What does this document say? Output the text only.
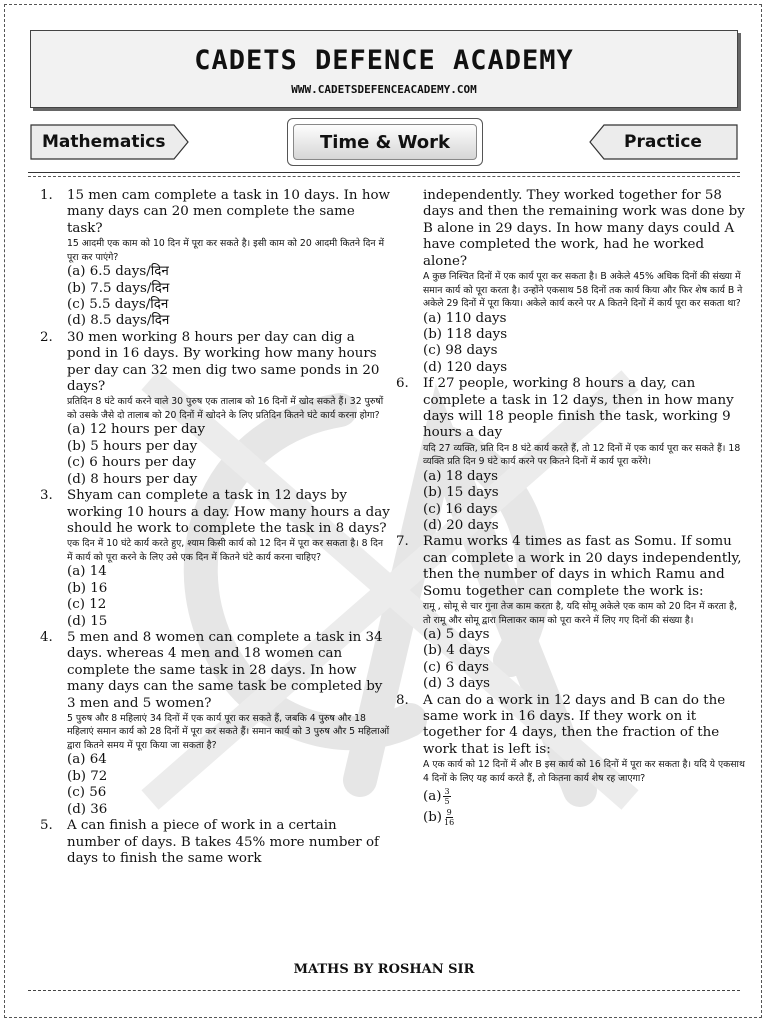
CADETS DEFENCE ACADEMY
WWW.CADETSDEFENCEACADEMY.COM
Mathematics	Time & Work	Practice
1. 15 men cam complete a task in 10 days. In how many days can 20 men complete the same task?
15 आदमी एक काम को 10 दिन में पूरा कर सकते है। इसी काम को 20 आदमी कितने दिन में पूरा कर पाएंगे?
(a) 6.5 days/दिन
(b) 7.5 days/दिन
(c) 5.5 days/दिन
(d) 8.5 days/दिन
2. 30 men working 8 hours per day can dig a pond in 16 days. By working how many hours per day can 32 men dig two same ponds in 20 days?
प्रतिदिन 8 घंटे कार्य करने वाले 30 पुरुष एक तालाब को 16 दिनों में खोद सकते हैं। 32 पुरुषों को उसके जैसे दो तालाब को 20 दिनों में खोदने के लिए प्रतिदिन कितने घंटे कार्य करना होगा?
(a) 12 hours per day
(b) 5 hours per day
(c) 6 hours per day
(d) 8 hours per day
3. Shyam can complete a task in 12 days by working 10 hours a day. How many hours a day should he work to complete the task in 8 days?
एक दिन में 10 घंटे कार्य करते हुए, श्याम किसी कार्य को 12 दिन में पूरा कर सकता है। 8 दिन में कार्य को पूरा करने के लिए उसे एक दिन में कितने घंटे कार्य करना चाहिए?
(a) 14
(b) 16
(c) 12
(d) 15
4. 5 men and 8 women can complete a task in 34 days. whereas 4 men and 18 women can complete the same task in 28 days. In how many days can the same task be completed by 3 men and 5 women?
5 पुरुष और 8 महिलाएं 34 दिनों में एक कार्य पूरा कर सकते हैं, जबकि 4 पुरुष और 18 महिलाएं समान कार्य को 28 दिनों में पूरा कर सकते हैं। समान कार्य को 3 पुरुष और 5 महिलाओं द्वारा कितने समय में पूरा किया जा सकता है?
(a) 64
(b) 72
(c) 56
(d) 36
5. A can finish a piece of work in a certain number of days. B takes 45% more number of days to finish the same work
independently. They worked together for 58 days and then the remaining work was done by B alone in 29 days. In how many days could A have completed the work, had he worked alone?
A कुछ निश्चित दिनों में एक कार्य पूरा कर सकता है। B अकेले 45% अधिक दिनों की संख्या में समान कार्य को पूरा करता है। उन्होंने एकसाथ 58 दिनों तक कार्य किया और फिर शेष कार्य B ने अकेले 29 दिनों में पूरा किया। अकेले कार्य करने पर A कितने दिनों में कार्य पूरा कर सकता था?
(a) 110 days
(b) 118 days
(c) 98 days
(d) 120 days
6. If 27 people, working 8 hours a day, can complete a task in 12 days, then in how many days will 18 people finish the task, working 9 hours a day
यदि 27 व्यक्ति, प्रति दिन 8 घंटे कार्य करते हैं, तो 12 दिनों में एक कार्य पूरा कर सकते हैं। 18 व्यक्ति प्रति दिन 9 घंटे कार्य करने पर कितने दिनों में कार्य पूरा करेंगे।
(a) 18 days
(b) 15 days
(c) 16 days
(d) 20 days
7. Ramu works 4 times as fast as Somu. If somu can complete a work in 20 days independently, then the number of days in which Ramu and Somu together can complete the work is:
रामू , सोमू से चार गुना तेज काम करता है, यदि सोमू अकेले एक काम को 20 दिन में करता है, तो रामू और सोमू द्वारा मिलाकर काम को पूरा करने में लिए गए दिनों की संख्या है।
(a) 5 days
(b) 4 days
(c) 6 days
(d) 3 days
8. A can do a work in 12 days and B can do the same work in 16 days. If they work on it together for 4 days, then the fraction of the work that is left is:
A एक कार्य को 12 दिनों में और B इस कार्य को 16 दिनों में पूरा कर सकता है। यदि ये एकसाथ 4 दिनों के लिए यह कार्य करते हैं, तो कितना कार्य शेष रह जाएगा?
$(a) \frac{3}{5}$
$(b) \frac{9}{16}$
MATHS BY ROSHAN SIR
